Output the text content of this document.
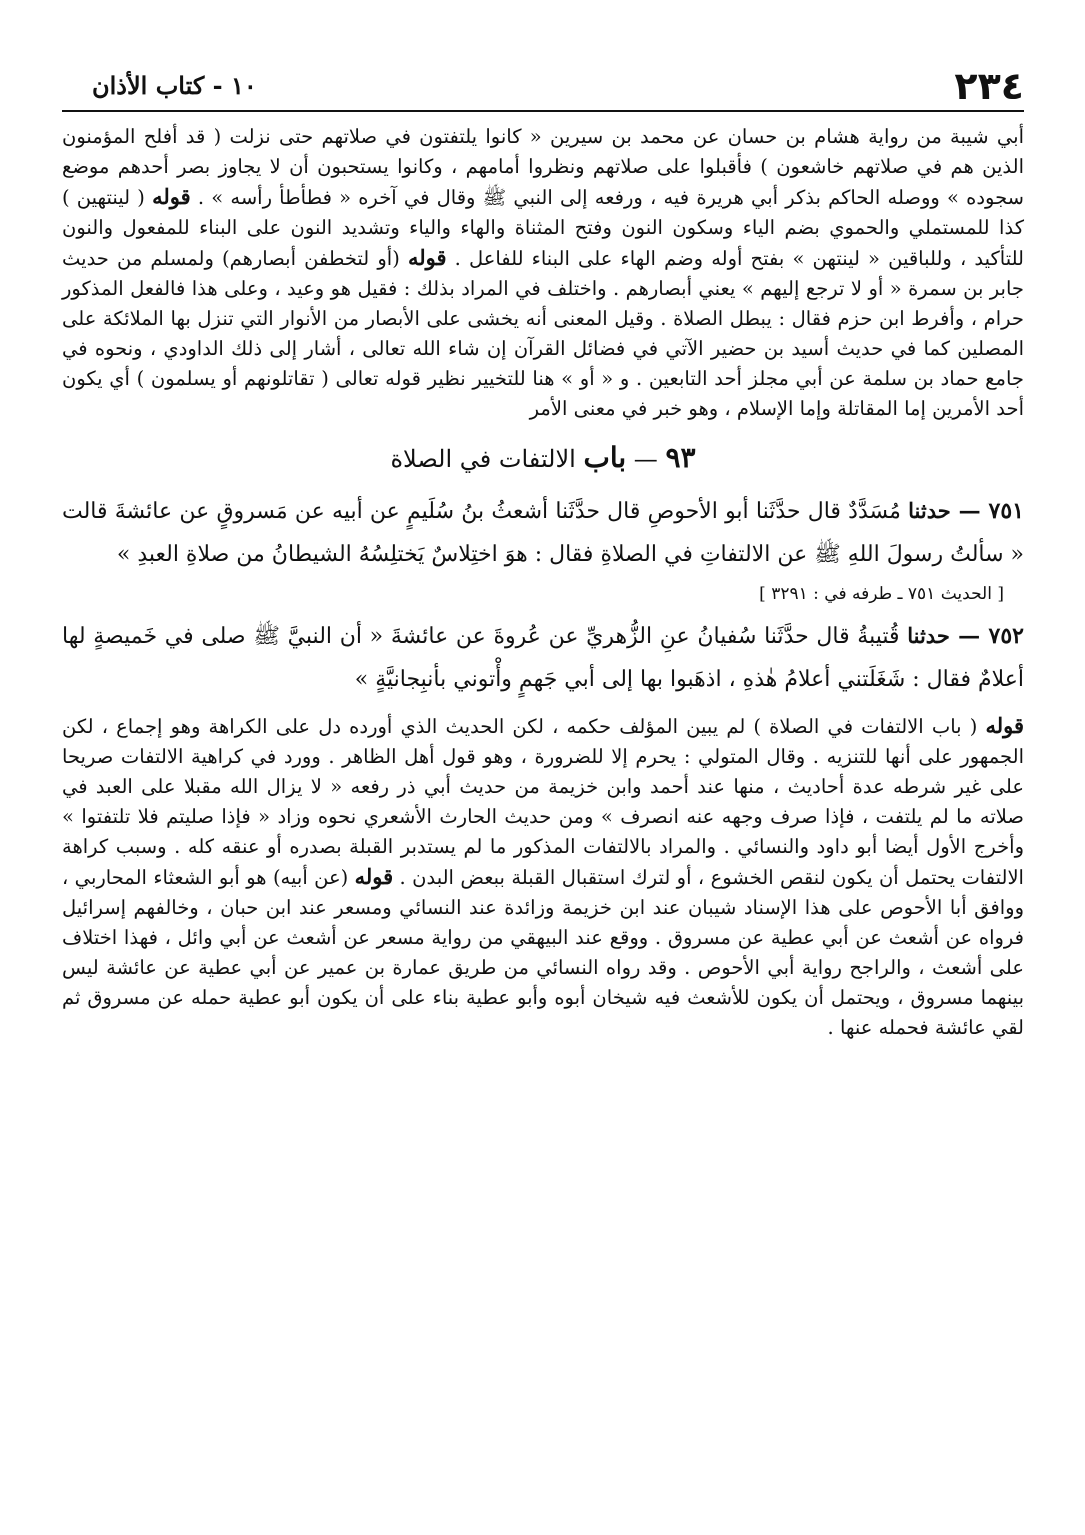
٢٣٤
١٠ - كتاب الأذان

أبي شيبة من رواية هشام بن حسان عن محمد بن سيرين « كانوا يلتفتون في صلاتهم حتى نزلت ( قد أفلح المؤمنون الذين هم في صلاتهم خاشعون ) فأقبلوا على صلاتهم ونظروا أمامهم ، وكانوا يستحبون أن لا يجاوز بصر أحدهم موضع سجوده » ووصله الحاكم بذكر أبي هريرة فيه ، ورفعه إلى النبي ﷺ وقال في آخره « فطأطأ رأسه » . قوله ( لينتهين ) كذا للمستملي والحموي بضم الياء وسكون النون وفتح المثناة والهاء والياء وتشديد النون على البناء للمفعول والنون للتأكيد ، وللباقين « لينتهن » بفتح أوله وضم الهاء على البناء للفاعل . قوله (أو لتخطفن أبصارهم) ولمسلم من حديث جابر بن سمرة « أو لا ترجع إليهم » يعني أبصارهم . واختلف في المراد بذلك : فقيل هو وعيد ، وعلى هذا فالفعل المذكور حرام ، وأفرط ابن حزم فقال : يبطل الصلاة . وقيل المعنى أنه يخشى على الأبصار من الأنوار التي تنزل بها الملائكة على المصلين كما في حديث أسيد بن حضير الآتي في فضائل القرآن إن شاء الله تعالى ، أشار إلى ذلك الداودي ، ونحوه في جامع حماد بن سلمة عن أبي مجلز أحد التابعين . و « أو » هنا للتخيير نظير قوله تعالى ( تقاتلونهم أو يسلمون ) أي يكون أحد الأمرين إما المقاتلة وإما الإسلام ، وهو خبر في معنى الأمر

٩٣ — باب الالتفات في الصلاة

٧٥١ — حدثنا مُسَدَّدٌ قال حدَّثَنا أبو الأحوصِ قال حدَّثَنا أشعثُ بنُ سُلَيمٍ عن أبيه عن مَسروقٍ عن عائشةَ قالت « سألتُ رسولَ اللهِ ﷺ عن الالتفاتِ في الصلاةِ فقال : هوَ اختِلاسٌ يَختلِسُهُ الشيطانُ من صلاةِ العبدِ »

[ الحديث ٧٥١ ـ طرفه في : ٣٢٩١ ]

٧٥٢ — حدثنا قُتيبةُ قال حدَّثَنا سُفيانُ عنِ الزُّهريِّ عن عُروةَ عن عائشةَ « أن النبيَّ ﷺ صلى في خَميصةٍ لها أعلامٌ فقال : شَغَلَتني أعلامُ هٰذهِ ، اذهَبوا بها إلى أبي جَهمٍ وأْتوني بأنبِجانيَّةٍ »

قوله ( باب الالتفات في الصلاة ) لم يبين المؤلف حكمه ، لكن الحديث الذي أورده دل على الكراهة وهو إجماع ، لكن الجمهور على أنها للتنزيه . وقال المتولي : يحرم إلا للضرورة ، وهو قول أهل الظاهر . وورد في كراهية الالتفات صريحا على غير شرطه عدة أحاديث ، منها عند أحمد وابن خزيمة من حديث أبي ذر رفعه « لا يزال الله مقبلا على العبد في صلاته ما لم يلتفت ، فإذا صرف وجهه عنه انصرف » ومن حديث الحارث الأشعري نحوه وزاد « فإذا صليتم فلا تلتفتوا » وأخرج الأول أيضا أبو داود والنسائي . والمراد بالالتفات المذكور ما لم يستدبر القبلة بصدره أو عنقه كله . وسبب كراهة الالتفات يحتمل أن يكون لنقص الخشوع ، أو لترك استقبال القبلة ببعض البدن . قوله (عن أبيه) هو أبو الشعثاء المحاربي ، ووافق أبا الأحوص على هذا الإسناد شيبان عند ابن خزيمة وزائدة عند النسائي ومسعر عند ابن حبان ، وخالفهم إسرائيل فرواه عن أشعث عن أبي عطية عن مسروق . ووقع عند البيهقي من رواية مسعر عن أشعث عن أبي وائل ، فهذا اختلاف على أشعث ، والراجح رواية أبي الأحوص . وقد رواه النسائي من طريق عمارة بن عمير عن أبي عطية عن عائشة ليس بينهما مسروق ، ويحتمل أن يكون للأشعث فيه شيخان أبوه وأبو عطية بناء على أن يكون أبو عطية حمله عن مسروق ثم لقي عائشة فحمله عنها .
